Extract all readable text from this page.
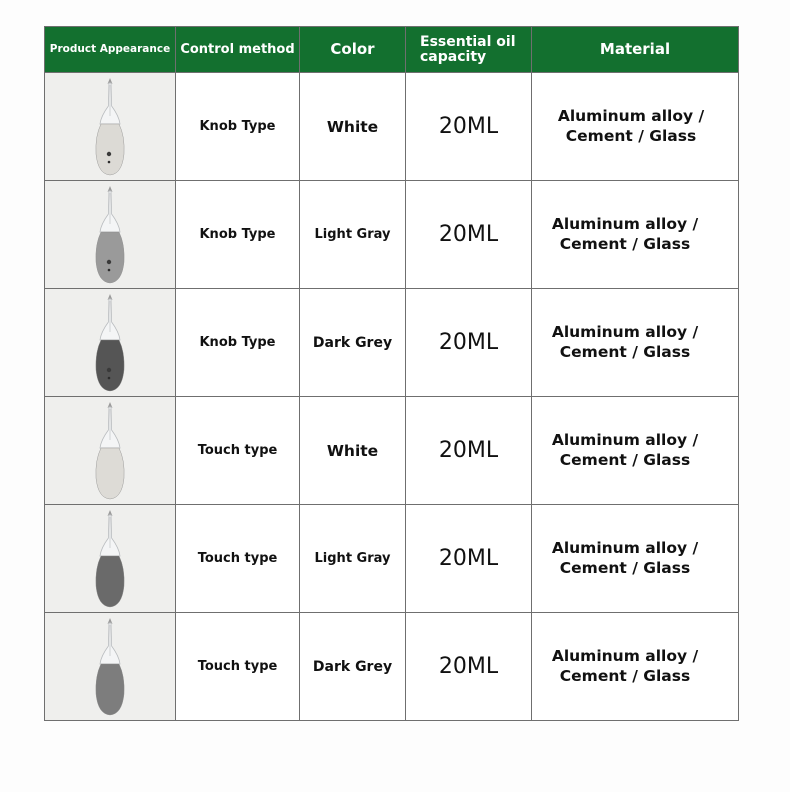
Product Appearance	Control method	Color	Essential oil capacity	Material

	Knob Type	White	20ML	Aluminum alloy / Cement / Glass

	Knob Type	Light Gray	20ML	Aluminum alloy / Cement / Glass

	Knob Type	Dark Grey	20ML	Aluminum alloy / Cement / Glass

	Touch type	White	20ML	Aluminum alloy / Cement / Glass

	Touch type	Light Gray	20ML	Aluminum alloy / Cement / Glass

	Touch type	Dark Grey	20ML	Aluminum alloy / Cement / Glass
